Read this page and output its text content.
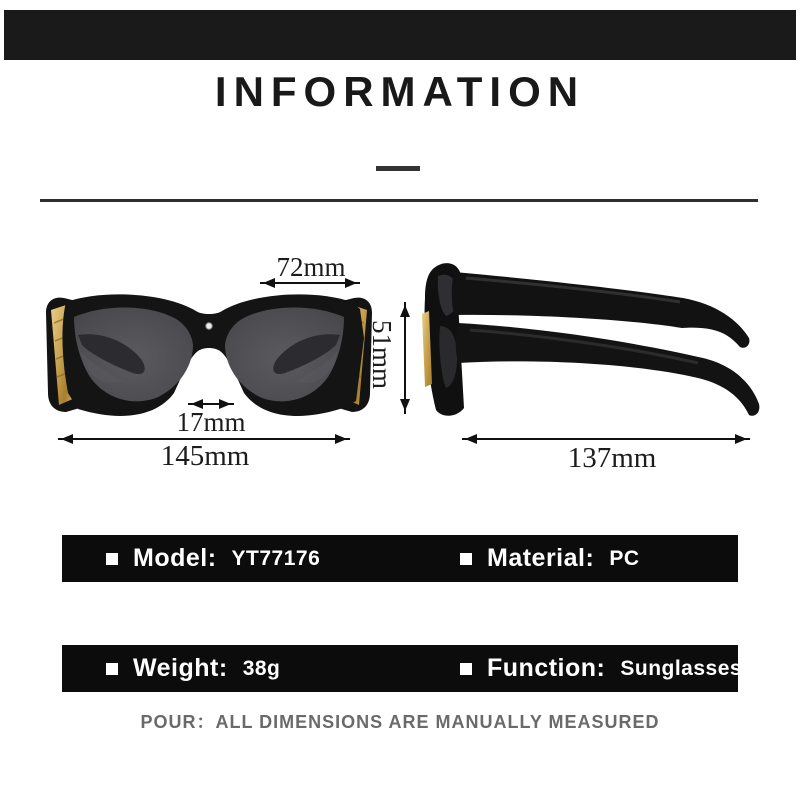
INFORMATION
72mm
51mm
17mm
145mm	137mm
Model: YT77176	Material: PC
Weight: 38g	Function: Sunglasses
POUR：ALL DIMENSIONS ARE MANUALLY MEASURED
